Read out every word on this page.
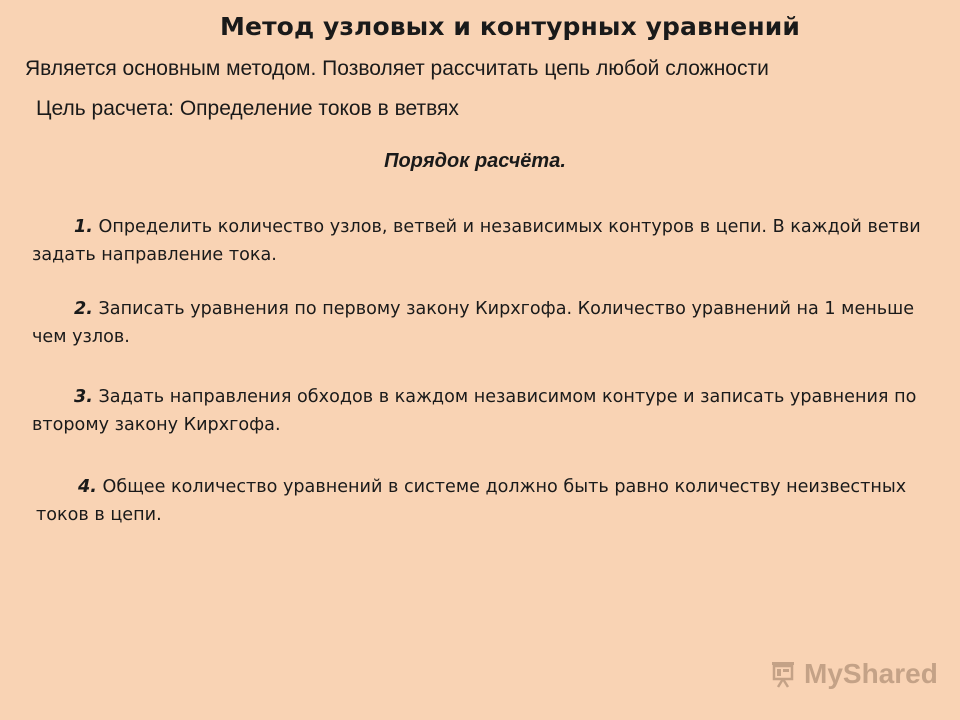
Метод узловых и контурных уравнений
Является основным методом. Позволяет рассчитать цепь любой сложности
Цель расчета: Определение токов в ветвях
Порядок расчёта.
1. Определить количество узлов, ветвей и независимых контуров в цепи. В каждой ветви задать направление тока.
2. Записать уравнения по первому закону Кирхгофа. Количество уравнений на 1 меньше чем узлов.
3. Задать направления обходов в каждом независимом контуре и записать уравнения по второму закону Кирхгофа.
4. Общее количество уравнений в системе должно быть равно количеству неизвестных токов в цепи.
MyShared
